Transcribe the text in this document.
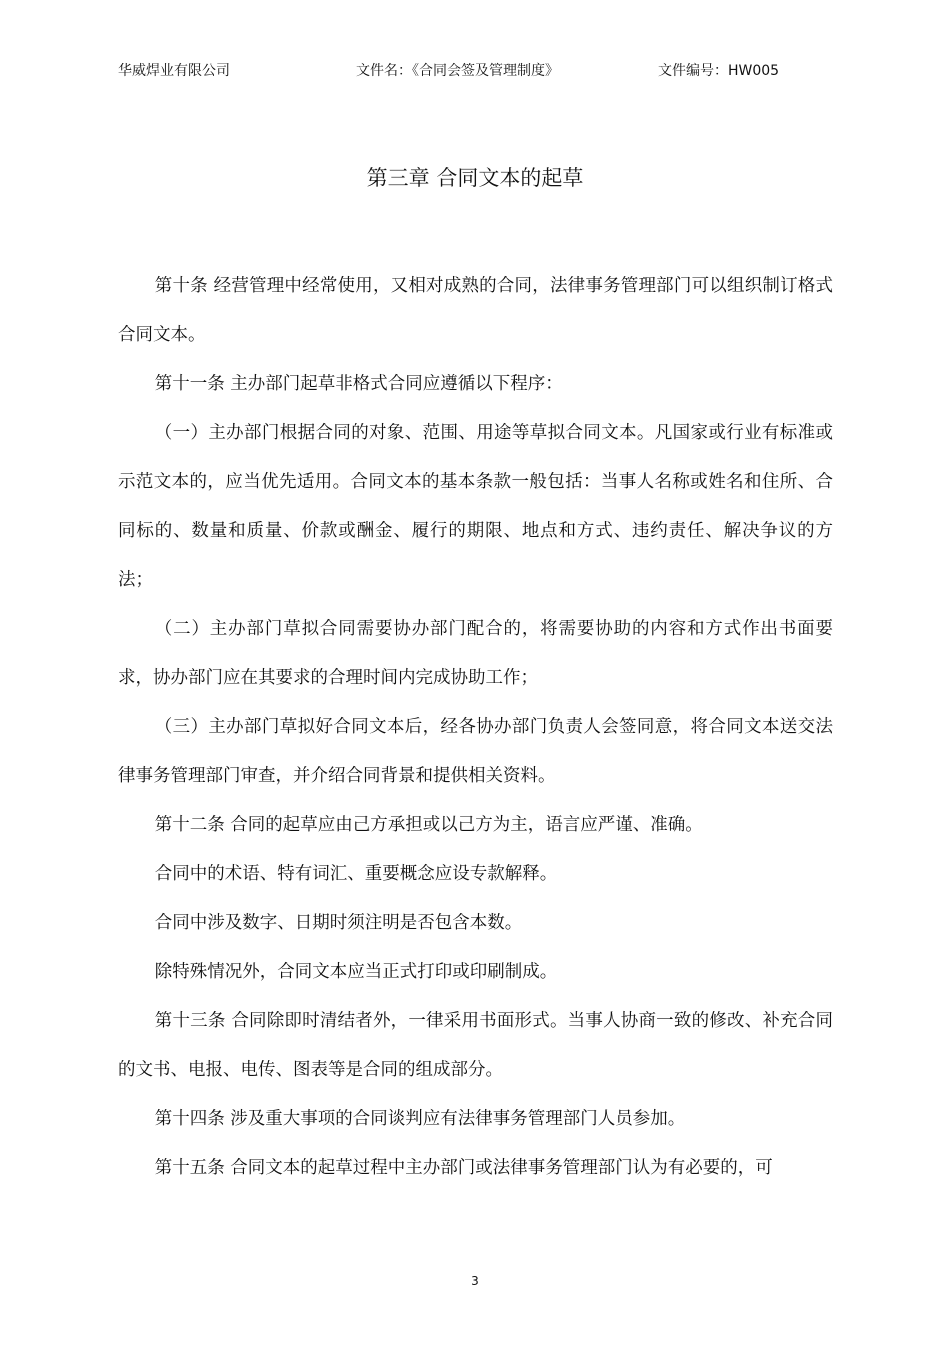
华威焊业有限公司	文件名：《合同会签及管理制度》	文件编号：HW005
第三章 合同文本的起草

第十条 经营管理中经常使用，又相对成熟的合同，法律事务管理部门可以组织制订格式合同文本。

第十一条 主办部门起草非格式合同应遵循以下程序：

（一）主办部门根据合同的对象、范围、用途等草拟合同文本。凡国家或行业有标准或示范文本的，应当优先适用。合同文本的基本条款一般包括：当事人名称或姓名和住所、合同标的、数量和质量、价款或酬金、履行的期限、地点和方式、违约责任、解决争议的方法；

（二）主办部门草拟合同需要协办部门配合的，将需要协助的内容和方式作出书面要求，协办部门应在其要求的合理时间内完成协助工作；

（三）主办部门草拟好合同文本后，经各协办部门负责人会签同意，将合同文本送交法律事务管理部门审查，并介绍合同背景和提供相关资料。

第十二条 合同的起草应由己方承担或以己方为主，语言应严谨、准确。

合同中的术语、特有词汇、重要概念应设专款解释。

合同中涉及数字、日期时须注明是否包含本数。

除特殊情况外，合同文本应当正式打印或印刷制成。

第十三条 合同除即时清结者外，一律采用书面形式。当事人协商一致的修改、补充合同的文书、电报、电传、图表等是合同的组成部分。

第十四条 涉及重大事项的合同谈判应有法律事务管理部门人员参加。

第十五条 合同文本的起草过程中主办部门或法律事务管理部门认为有必要的，可

3
